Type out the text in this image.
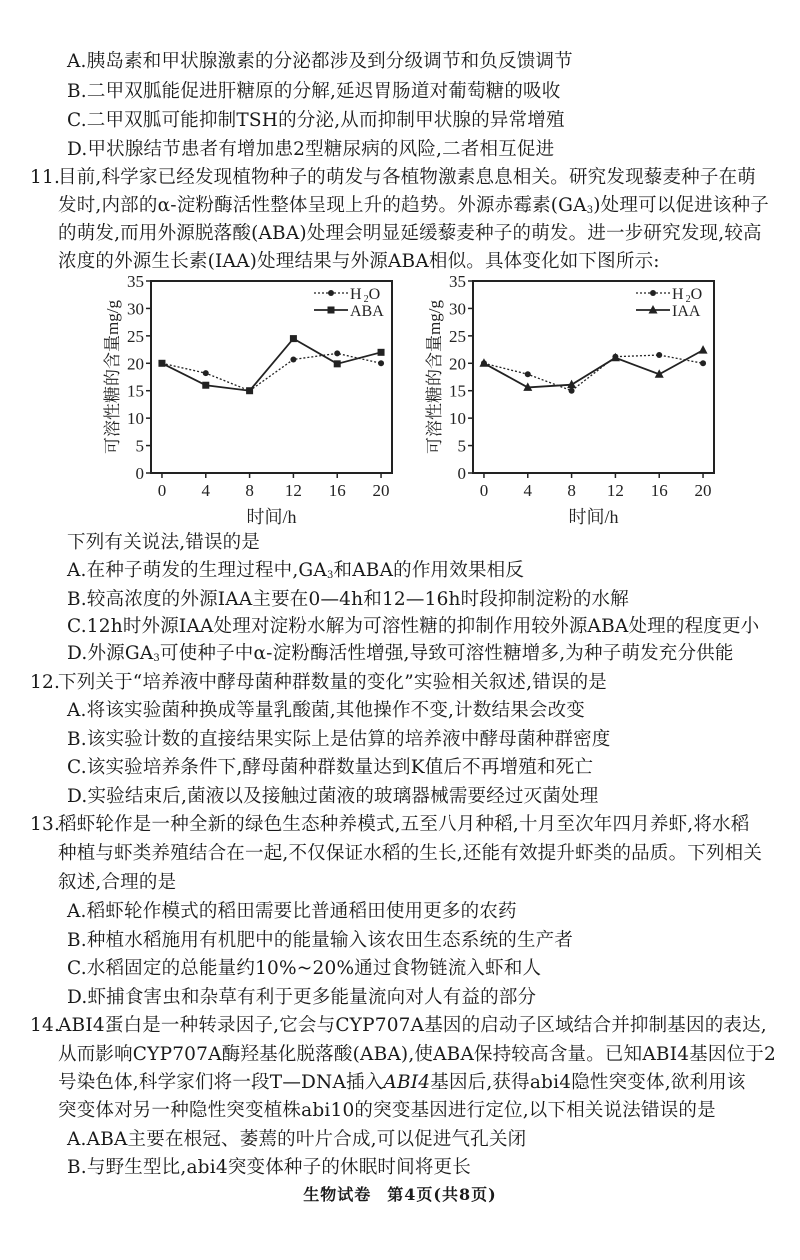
A.胰岛素和甲状腺激素的分泌都涉及到分级调节和负反馈调节
B.二甲双胍能促进肝糖原的分解,延迟胃肠道对葡萄糖的吸收
C.二甲双胍可能抑制TSH的分泌,从而抑制甲状腺的异常增殖
D.甲状腺结节患者有增加患2型糖尿病的风险,二者相互促进
11.
目前,科学家已经发现植物种子的萌发与各植物激素息息相关。研究发现藜麦种子在萌
发时,内部的α-淀粉酶活性整体呈现上升的趋势。外源赤霉素$(GA_3)$处理可以促进该种子
的萌发,而用外源脱落酸(ABA)处理会明显延缓藜麦种子的萌发。进一步研究发现,较高
浓度的外源生长素(IAA)处理结果与外源ABA相似。具体变化如下图所示:
0
5
10
15
20
25
30
35
0 4 8 12 16 20
时间/h
可溶性糖的含量mg/g
H 2O
ABA
0
5
10
15
20
25
30
35
0 4 8 12 16 20
时间/h
可溶性糖的含量mg/g
H 2O
IAA
下列有关说法,错误的是
A.在种子萌发的生理过程中$,GA_3$和ABA的作用效果相反
B.较高浓度的外源IAA主要在0—4h和12—16h时段抑制淀粉的水解
C.12h时外源IAA处理对淀粉水解为可溶性糖的抑制作用较外源ABA处理的程度更小
D.外源$GA_3$可使种子中α-淀粉酶活性增强,导致可溶性糖增多,为种子萌发充分供能
12.
下列关于“培养液中酵母菌种群数量的变化”实验相关叙述,错误的是
A.将该实验菌种换成等量乳酸菌,其他操作不变,计数结果会改变
B.该实验计数的直接结果实际上是估算的培养液中酵母菌种群密度
C.该实验培养条件下,酵母菌种群数量达到K值后不再增殖和死亡
D.实验结束后,菌液以及接触过菌液的玻璃器械需要经过灭菌处理
13.
稻虾轮作是一种全新的绿色生态种养模式,五至八月种稻,十月至次年四月养虾,将水稻
种植与虾类养殖结合在一起,不仅保证水稻的生长,还能有效提升虾类的品质。下列相关
叙述,合理的是
A.稻虾轮作模式的稻田需要比普通稻田使用更多的农药
B.种植水稻施用有机肥中的能量输入该农田生态系统的生产者
C.水稻固定的总能量约10%~20%通过食物链流入虾和人
D.虾捕食害虫和杂草有利于更多能量流向对人有益的部分
14.
ABI4蛋白是一种转录因子,它会与CYP707A基因的启动子区域结合并抑制基因的表达,
从而影响CYP707A酶羟基化脱落酸(ABA),使ABA保持较高含量。已知ABI4基因位于2
号染色体,科学家们将一段T—DNA插入ABI4基因后,获得abi4隐性突变体,欲利用该
突变体对另一种隐性突变植株abi10的突变基因进行定位,以下相关说法错误的是
A.ABA主要在根冠、萎蔫的叶片合成,可以促进气孔关闭
B.与野生型比,abi4突变体种子的休眠时间将更长
生物试卷 第4页(共8页)
